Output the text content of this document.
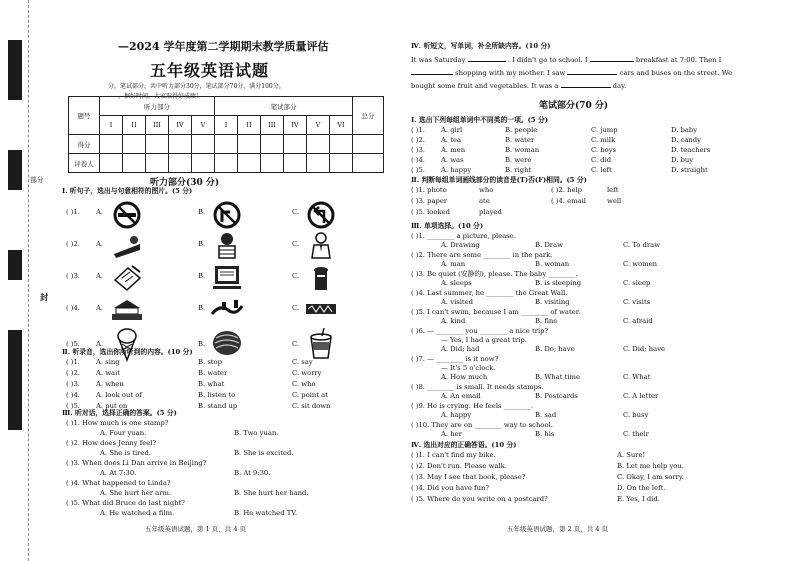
封
—2024 学年度第二学期期末教学质量评估
五年级英语试题
分，笔试部分，共中听力部分30分，笔试部分70分，满分100分。
，据好时间，大家取得好成绩！
题号	听力部分					笔试部分						总分
	I	II	III	IV	V	I	II	III	IV	V	VI	
得分												
评卷人												
听力部分(30 分)
部分
Ⅰ. 听句子，选出与句意相符的图片。(5 分)
( )1. A.	B.	C.
( )2. A.	B.	C.
( )3. A.	B.	C.
( )4. A.	B.	C.
( )5. A.	B.	C.
Ⅱ. 听录音，选出你所听到的内容。(10 分)
( )1. A. sing	B. stop	C. say
( )2. A. wait	B. water	C. worry
( )3. A. when	B. what	C. who
( )4. A. look out of	B. listen to	C. point at
( )5. A. put on	B. stand up	C. sit down
Ⅲ. 听对话，选择正确的答案。(5 分)
( )1. How much is one stamp?
A. Four yuan.	B. Two yuan.
( )2. How does Jenny feel?
A. She is tired.	B. She is excited.
( )3. When does Li Dan arrive in Beijing?
A. At 7:30.	B. At 9:30.
( )4. What happened to Linda?
A. She hurt her arm.	B. She hurt her hand.
( )5. What did Bruce do last night?
A. He watched a film.	B. He watched TV.
五年级英语试题，第 1 页，共 4 页
Ⅳ. 听短文，写单词，补全所缺内容。(10 分)
It was Saturday	. I didn't go to school. I	breakfast at 7:00. Then I
shopping with my mother. I saw	cars and buses on the street. We
bought some fruit and vegetables. It was a	day.
笔试部分(70 分)
Ⅰ. 选出下列每组单词中不同类的一项。(5 分)
( )1. A. girl	B. people	C. jump	D. baby
( )2. A. tea	B. water	C. milk	D. candy
( )3. A. men	B. woman	C. boys	D. teachers
( )4. A. was	B. were	C. did	D. buy
( )5. A. happy	B. right	C. left	D. straight
Ⅱ. 判断每组单词画线部分的读音是(T)否(F)相同。(5 分)
( )1. photo	who	( )2. help	left
( )3. paper	ate	( )4. email	well
( )5. looked	played
Ⅲ. 单项选择。(10 分)
( )1. ________ a picture, please.
A. Drawing	B. Draw	C. To draw
( )2. There are some ________ in the park.
A. man	B. woman	C. women
( )3. Be quiet (安静的), please. The baby ________.
A. sleeps	B. is sleeping	C. sleep
( )4. Last summer, he ________ the Great Wall.
A. visited	B. visiting	C. visits
( )5. I can't swim, because I am ________ of water.
A. kind	B. fine	C. afraid
( )6. — ________ you ________ a nice trip?
— Yes, I had a great trip.
A. Did; had	B. Do; have	C. Did; have
( )7. — ________ is it now?
— It's 5 o'clock.
A. How much	B. What time	C. What
( )8. ________ is small. It needs stamps.
A. An email	B. Postcards	C. A letter
( )9. He is crying. He feels ________.
A. happy	B. sad	C. busy
( )10. They are on ________ way to school.
A. her	B. his	C. their
Ⅳ. 选出对应的正确答语。(10 分)
( )1. I can't find my bike.	A. Sure!
( )2. Don't run. Please walk.	B. Let me help you.
( )3. May I see that book, please?	C. Okay, I am sorry.
( )4. Did you have fun?	D. On the left.
( )5. Where do you write on a postcard?	E. Yes, I did.
五年级英语试题，第 2 页，共 4 页
